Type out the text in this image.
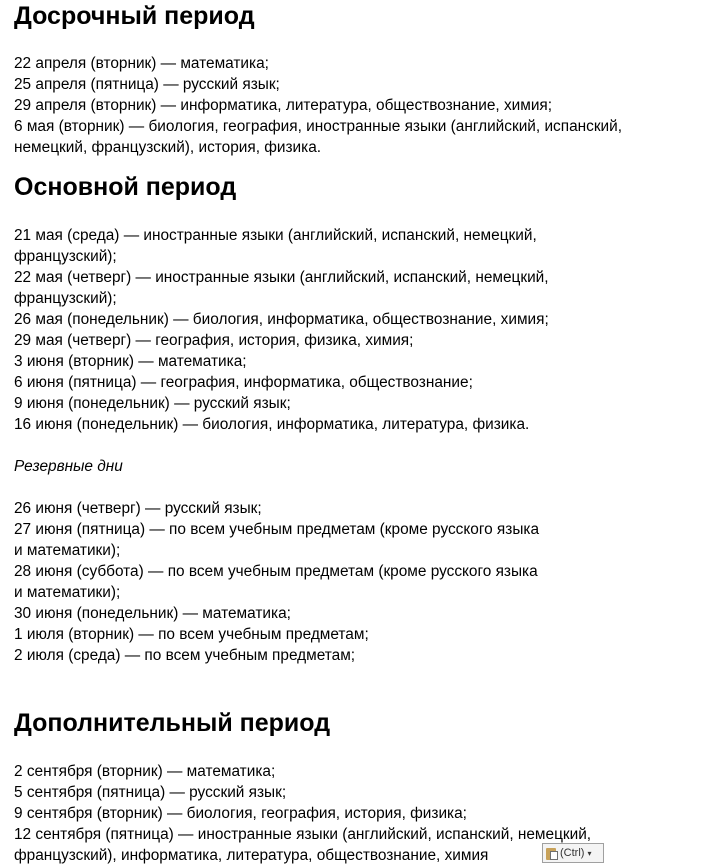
Досрочный период
22 апреля (вторник) — математика;
25 апреля (пятница) — русский язык;
29 апреля (вторник) — информатика, литература, обществознание, химия;
6 мая (вторник) — биология, география, иностранные языки (английский, испанский,
немецкий, французский), история, физика.
Основной период
21 мая (среда) — иностранные языки (английский, испанский, немецкий,
французский);
22 мая (четверг) — иностранные языки (английский, испанский, немецкий,
французский);
26 мая (понедельник) — биология, информатика, обществознание, химия;
29 мая (четверг) — география, история, физика, химия;
3 июня (вторник) — математика;
6 июня (пятница) — география, информатика, обществознание;
9 июня (понедельник) — русский язык;
16 июня (понедельник) — биология, информатика, литература, физика.
Резервные дни
26 июня (четверг) — русский язык;
27 июня (пятница) — по всем учебным предметам (кроме русского языка
и математики);
28 июня (суббота) — по всем учебным предметам (кроме русского языка
и математики);
30 июня (понедельник) — математика;
1 июля (вторник) — по всем учебным предметам;
2 июля (среда) — по всем учебным предметам;
Дополнительный период
2 сентября (вторник) — математика;
5 сентября (пятница) — русский язык;
9 сентября (вторник) — биология, география, история, физика;
12 сентября (пятница) — иностранные языки (английский, испанский, немецкий,
французский), информатика, литература, обществознание, химия	(Ctrl) ▾
